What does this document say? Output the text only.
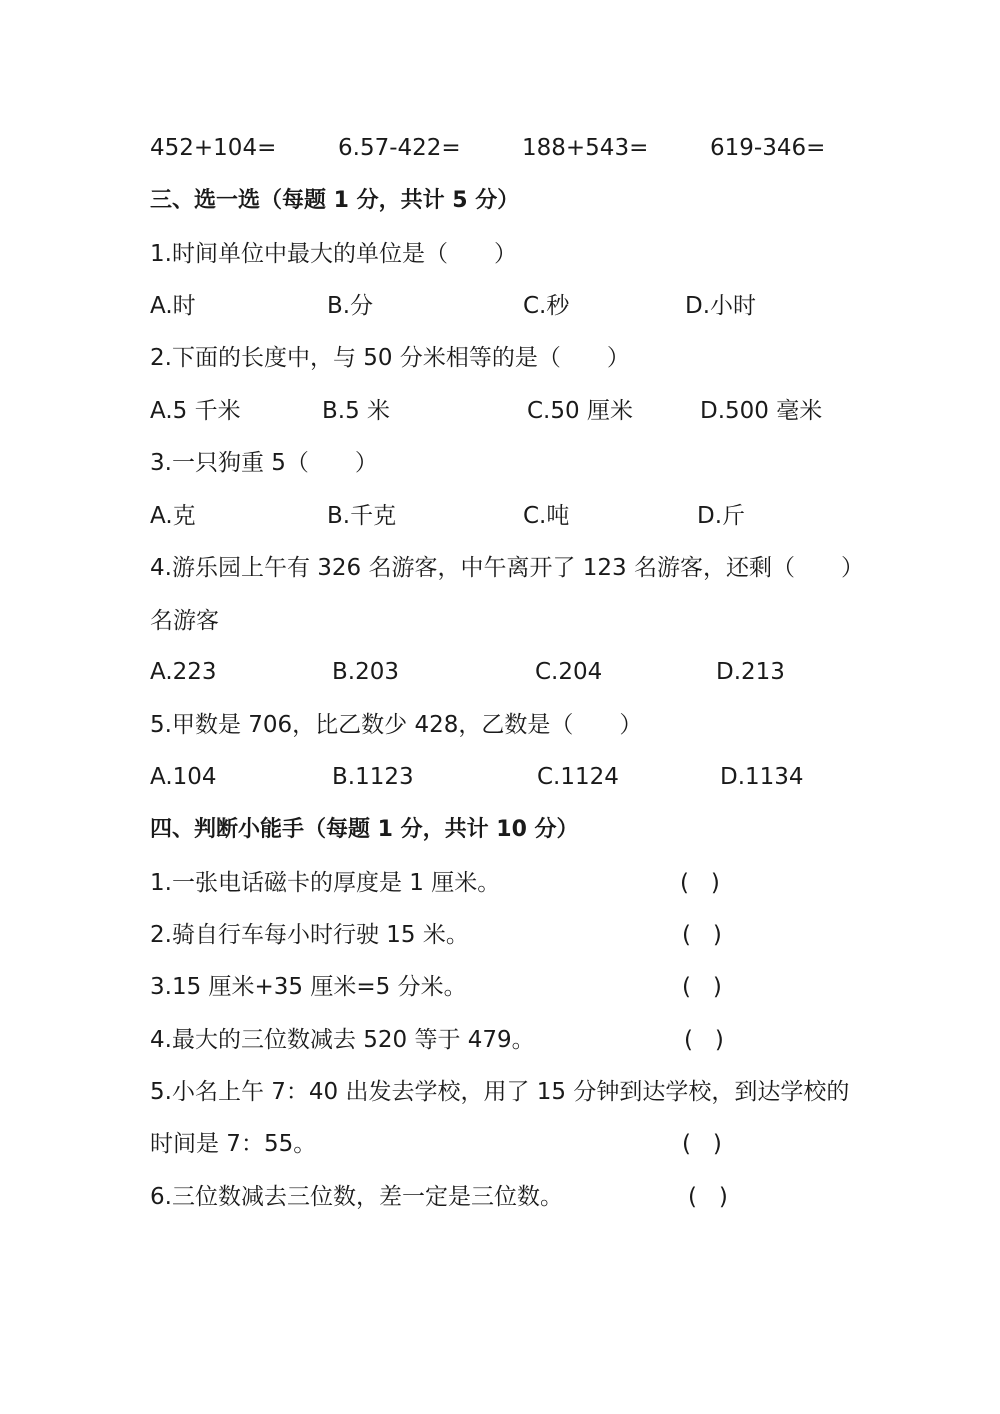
452+104=	6.57-422=	188+543=	619-346=
三、选一选（每题 1 分，共计 5 分）
1.时间单位中最大的单位是（　　）
A.时	B.分	C.秒	D.小时
2.下面的长度中，与 50 分米相等的是（　　）
A.5 千米	B.5 米	C.50 厘米	D.500 毫米
3.一只狗重 5（　　）
A.克	B.千克	C.吨	D.斤
4.游乐园上午有 326 名游客，中午离开了 123 名游客，还剩（　　）
名游客
A.223	B.203	C.204	D.213
5.甲数是 706，比乙数少 428，乙数是（　　）
A.104	B.1123	C.1124	D.1134
四、判断小能手（每题 1 分，共计 10 分）
1.一张电话磁卡的厚度是 1 厘米。	(   )
2.骑自行车每小时行驶 15 米。	(   )
3.15 厘米+35 厘米=5 分米。	(   )
4.最大的三位数减去 520 等于 479。	(   )
5.小名上午 7：40 出发去学校，用了 15 分钟到达学校，到达学校的
时间是 7：55。	(   )
6.三位数减去三位数，差一定是三位数。	(   )
